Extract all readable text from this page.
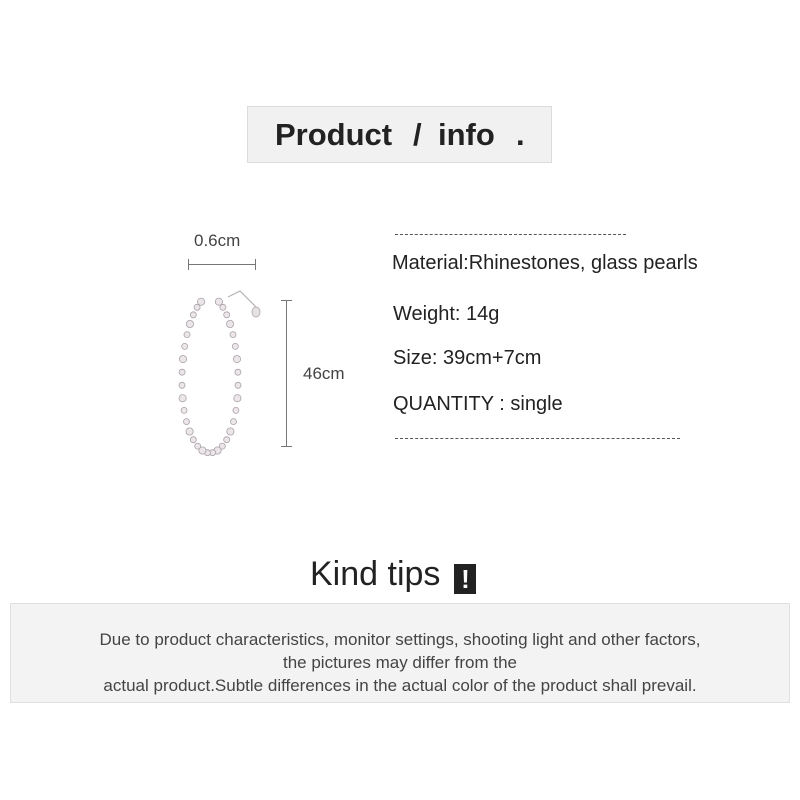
Product / info .
0.6cm
46cm
Material:Rhinestones, glass pearls
Weight: 14g
Size: 39cm+7cm
QUANTITY : single
Kind tips !
Due to product characteristics, monitor settings, shooting light and other factors,
the pictures may differ from the
actual product.Subtle differences in the actual color of the product shall prevail.
